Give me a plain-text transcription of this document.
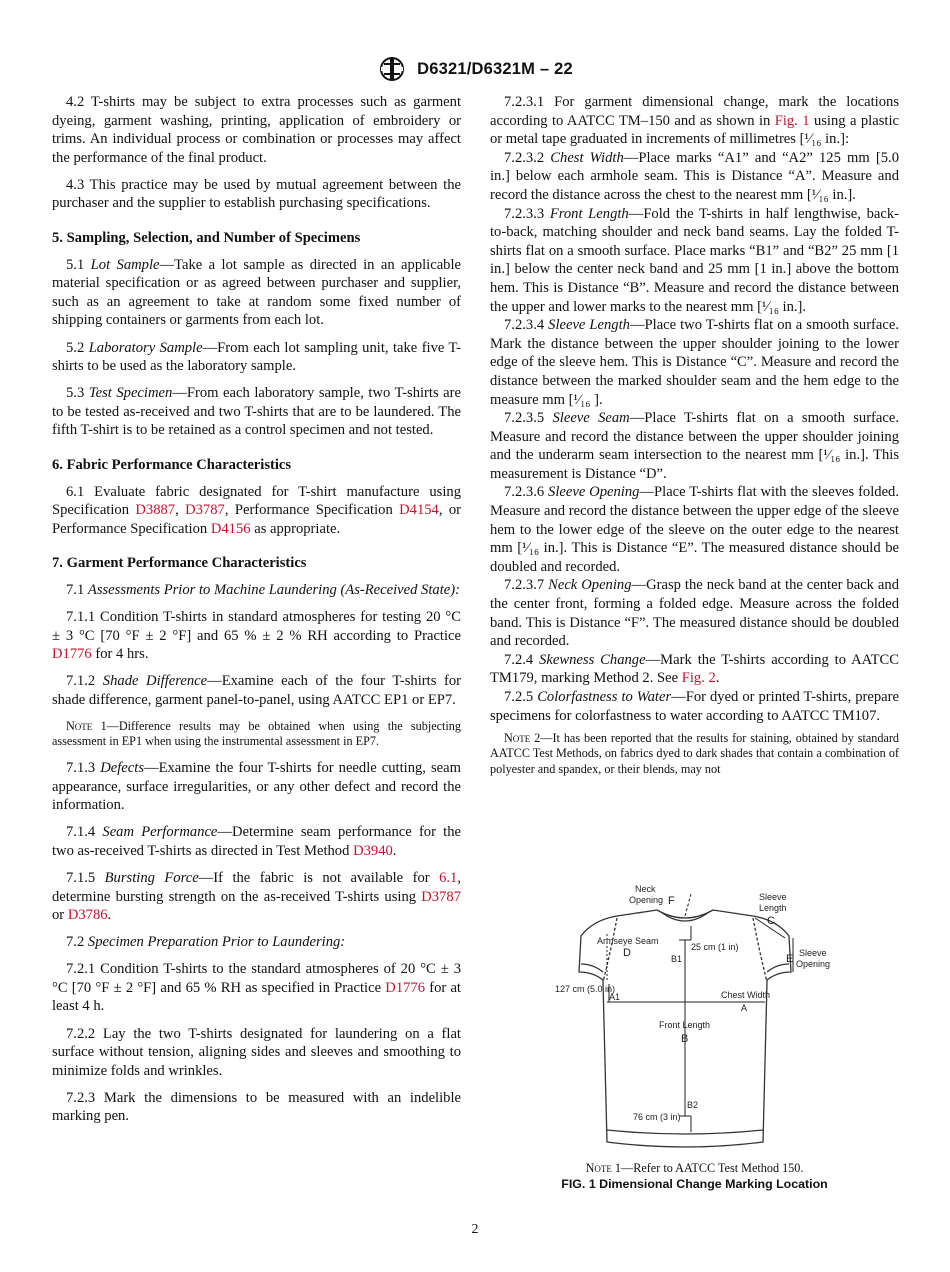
D6321/D6321M – 22

4.2 T-shirts may be subject to extra processes such as garment dyeing, garment washing, printing, application of embroidery or trims. An individual process or combination or processes may affect the performance of the final product.

4.3 This practice may be used by mutual agreement between the purchaser and the supplier to establish purchasing specifications.

5. Sampling, Selection, and Number of Specimens

5.1 Lot Sample—Take a lot sample as directed in an applicable material specification or as agreed between purchaser and supplier, such as an agreement to take at random some fixed number of shipping containers or garments from each lot.

5.2 Laboratory Sample—From each lot sampling unit, take five T-shirts to be used as the laboratory sample.

5.3 Test Specimen—From each laboratory sample, two T-shirts are to be tested as-received and two T-shirts that are to be laundered. The fifth T-shirt is to be retained as a control specimen and not tested.

6. Fabric Performance Characteristics

6.1 Evaluate fabric designated for T-shirt manufacture using Specification D3887, D3787, Performance Specification D4154, or Performance Specification D4156 as appropriate.

7. Garment Performance Characteristics

7.1 Assessments Prior to Machine Laundering (As-Received State):

7.1.1 Condition T-shirts in standard atmospheres for testing 20 °C ± 3 °C [70 °F ± 2 °F] and 65 % ± 2 % RH according to Practice D1776 for 4 hrs.

7.1.2 Shade Difference—Examine each of the four T-shirts for shade difference, garment panel-to-panel, using AATCC EP1 or EP7.

Note 1—Difference results may be obtained when using the subjecting assessment in EP1 when using the instrumental assessment in EP7.

7.1.3 Defects—Examine the four T-shirts for needle cutting, seam appearance, surface irregularities, or any other defect and record the information.

7.1.4 Seam Performance—Determine seam performance for the two as-received T-shirts as directed in Test Method D3940.

7.1.5 Bursting Force—If the fabric is not available for 6.1, determine bursting strength on the as-received T-shirts using D3787 or D3786.

7.2 Specimen Preparation Prior to Laundering:

7.2.1 Condition T-shirts to the standard atmospheres of 20 °C ± 3 °C [70 °F ± 2 °F] and 65 % RH as specified in Practice D1776 for at least 4 h.

7.2.2 Lay the two T-shirts designated for laundering on a flat surface without tension, aligning sides and sleeves and smoothing to minimize folds and wrinkles.

7.2.3 Mark the dimensions to be measured with an indelible marking pen.

7.2.3.1 For garment dimensional change, mark the locations according to AATCC TM–150 and as shown in Fig. 1 using a plastic or metal tape graduated in increments of millimetres [¹⁄₁₆ in.]:

7.2.3.2 Chest Width—Place marks “A1” and “A2” 125 mm [5.0 in.] below each armhole seam. This is Distance “A”. Measure and record the distance across the chest to the nearest mm [¹⁄₁₆ in.].

7.2.3.3 Front Length—Fold the T-shirts in half lengthwise, back-to-back, matching shoulder and neck band seams. Lay the folded T-shirts flat on a smooth surface. Place marks “B1” and “B2” 25 mm [1 in.] below the center neck band and 25 mm [1 in.] above the bottom hem. This is Distance “B”. Measure and record the distance between the upper and lower marks to the nearest mm [¹⁄₁₆ in.].

7.2.3.4 Sleeve Length—Place two T-shirts flat on a smooth surface. Mark the distance between the upper shoulder joining to the lower edge of the sleeve hem. This is Distance “C”. Measure and record the distance between the marked shoulder seam and the hem edge to the measure mm [¹⁄₁₆ ].

7.2.3.5 Sleeve Seam—Place T-shirts flat on a smooth surface. Measure and record the distance between the upper shoulder joining and the underarm seam intersection to the nearest mm [¹⁄₁₆ in.]. This measurement is Distance “D”.

7.2.3.6 Sleeve Opening—Place T-shirts flat with the sleeves folded. Measure and record the distance between the upper edge of the sleeve hem to the lower edge of the sleeve on the outer edge to the nearest mm [¹⁄₁₆ in.]. This is Distance “E”. The measured distance should be doubled and recorded.

7.2.3.7 Neck Opening—Grasp the neck band at the center back and the center front, forming a folded edge. Measure across the folded band. This is Distance “F”. The measured distance should be doubled and recorded.

7.2.4 Skewness Change—Mark the T-shirts according to AATCC TM179, marking Method 2. See Fig. 2.

7.2.5 Colorfastness to Water—For dyed or printed T-shirts, prepare specimens for colorfastness to water according to AATCC TM107.

Note 2—It has been reported that the results for staining, obtained by standard AATCC Test Methods, on fabrics dyed to dark shades that contain a combination of polyester and spandex, or their blends, may not
Neck
Opening F	Sleeve
Length
C
Armseye Seam
D	25 cm (1 in)
B1	E Sleeve
Opening
127 cm (5.0 in)
A1	Chest Width
A
Front Length
B
B2
76 cm (3 in)
Note 1—Refer to AATCC Test Method 150.
FIG. 1 Dimensional Change Marking Location
2
